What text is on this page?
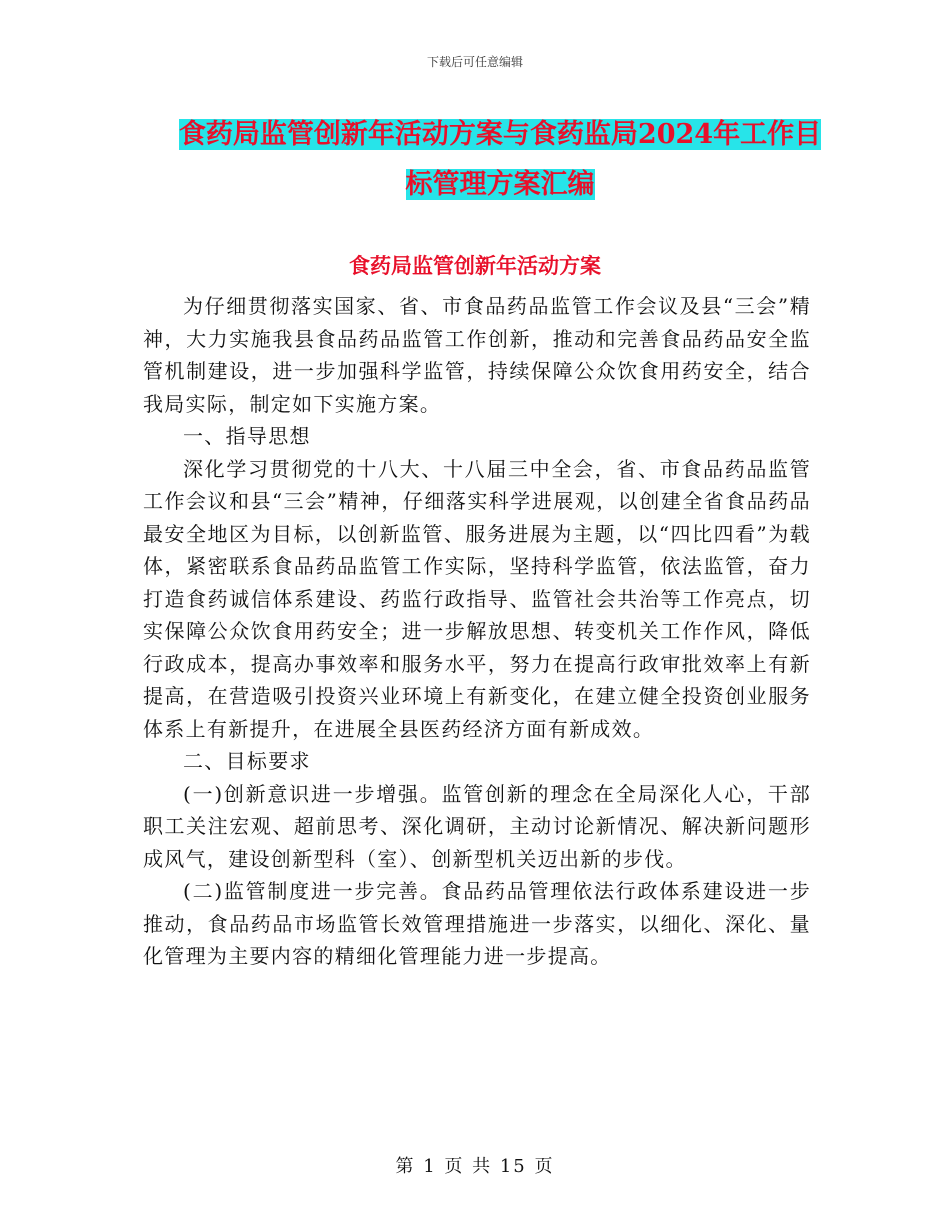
下载后可任意编辑
食药局监管创新年活动方案与食药监局2024年工作目
标管理方案汇编
食药局监管创新年活动方案

为仔细贯彻落实国家、省、市食品药品监管工作会议及县“三会”精神，大力实施我县食品药品监管工作创新，推动和完善食品药品安全监管机制建设，进一步加强科学监管，持续保障公众饮食用药安全，结合我局实际，制定如下实施方案。

一、指导思想

深化学习贯彻党的十八大、十八届三中全会，省、市食品药品监管工作会议和县“三会”精神，仔细落实科学进展观，以创建全省食品药品最安全地区为目标，以创新监管、服务进展为主题，以“四比四看”为载体，紧密联系食品药品监管工作实际，坚持科学监管，依法监管，奋力打造食药诚信体系建设、药监行政指导、监管社会共治等工作亮点，切实保障公众饮食用药安全；进一步解放思想、转变机关工作作风，降低行政成本，提高办事效率和服务水平，努力在提高行政审批效率上有新提高，在营造吸引投资兴业环境上有新变化，在建立健全投资创业服务体系上有新提升，在进展全县医药经济方面有新成效。

二、目标要求

(一)创新意识进一步增强。监管创新的理念在全局深化人心，干部职工关注宏观、超前思考、深化调研，主动讨论新情况、解决新问题形成风气，建设创新型科（室）、创新型机关迈出新的步伐。

(二)监管制度进一步完善。食品药品管理依法行政体系建设进一步推动，食品药品市场监管长效管理措施进一步落实，以细化、深化、量化管理为主要内容的精细化管理能力进一步提高。

第 1 页 共 15 页
